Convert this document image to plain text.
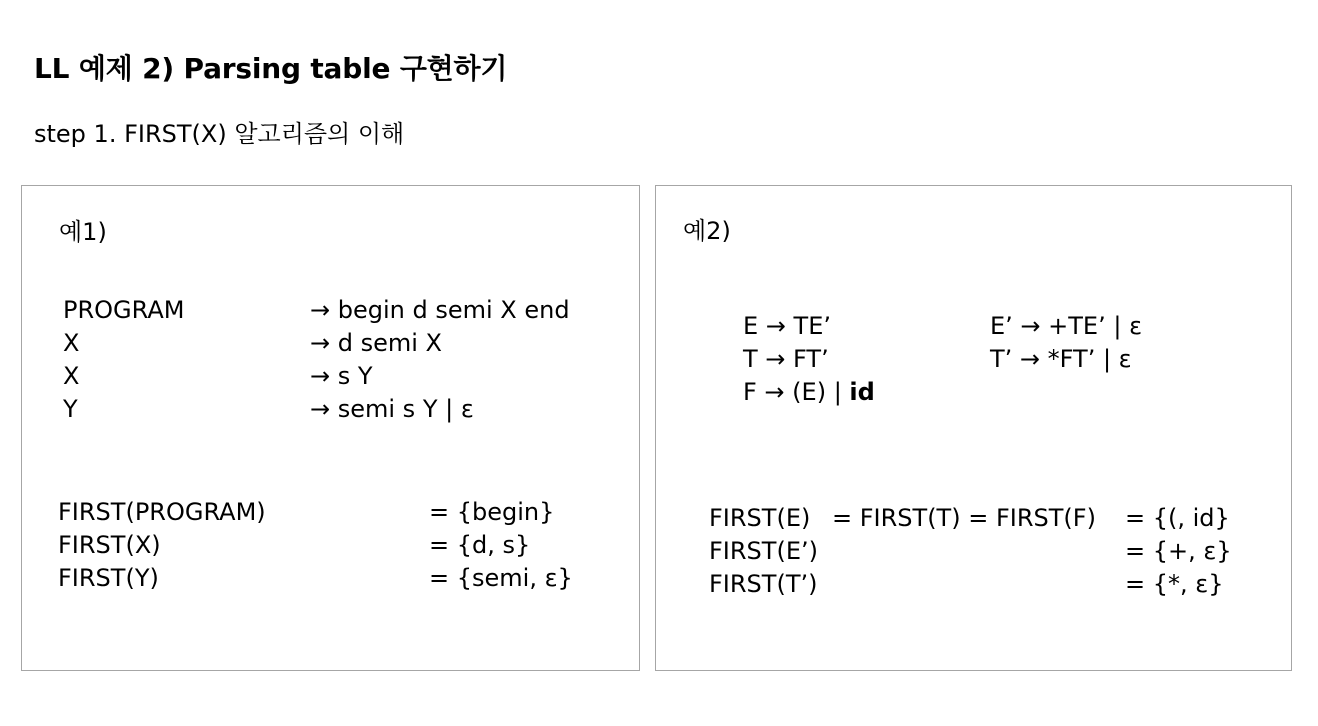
LL 예제 2) Parsing table 구현하기
step 1. FIRST(X) 알고리즘의 이해
예1)
PROGRAM	→ begin d semi X end
X	→ d semi X
X	→ s Y
Y	→ semi s Y | ε
FIRST(PROGRAM)	= {begin}
FIRST(X)	= {d, s}
FIRST(Y)	= {semi, ε}
예2)
E → TE’	E’ → +TE’ | ε
T → FT’	T’ → *FT’ | ε
F → (E) | id
FIRST(E) = FIRST(T) = FIRST(F) = {(, id}
FIRST(E’)	= {+, ε}
FIRST(T’)	= {*, ε}
